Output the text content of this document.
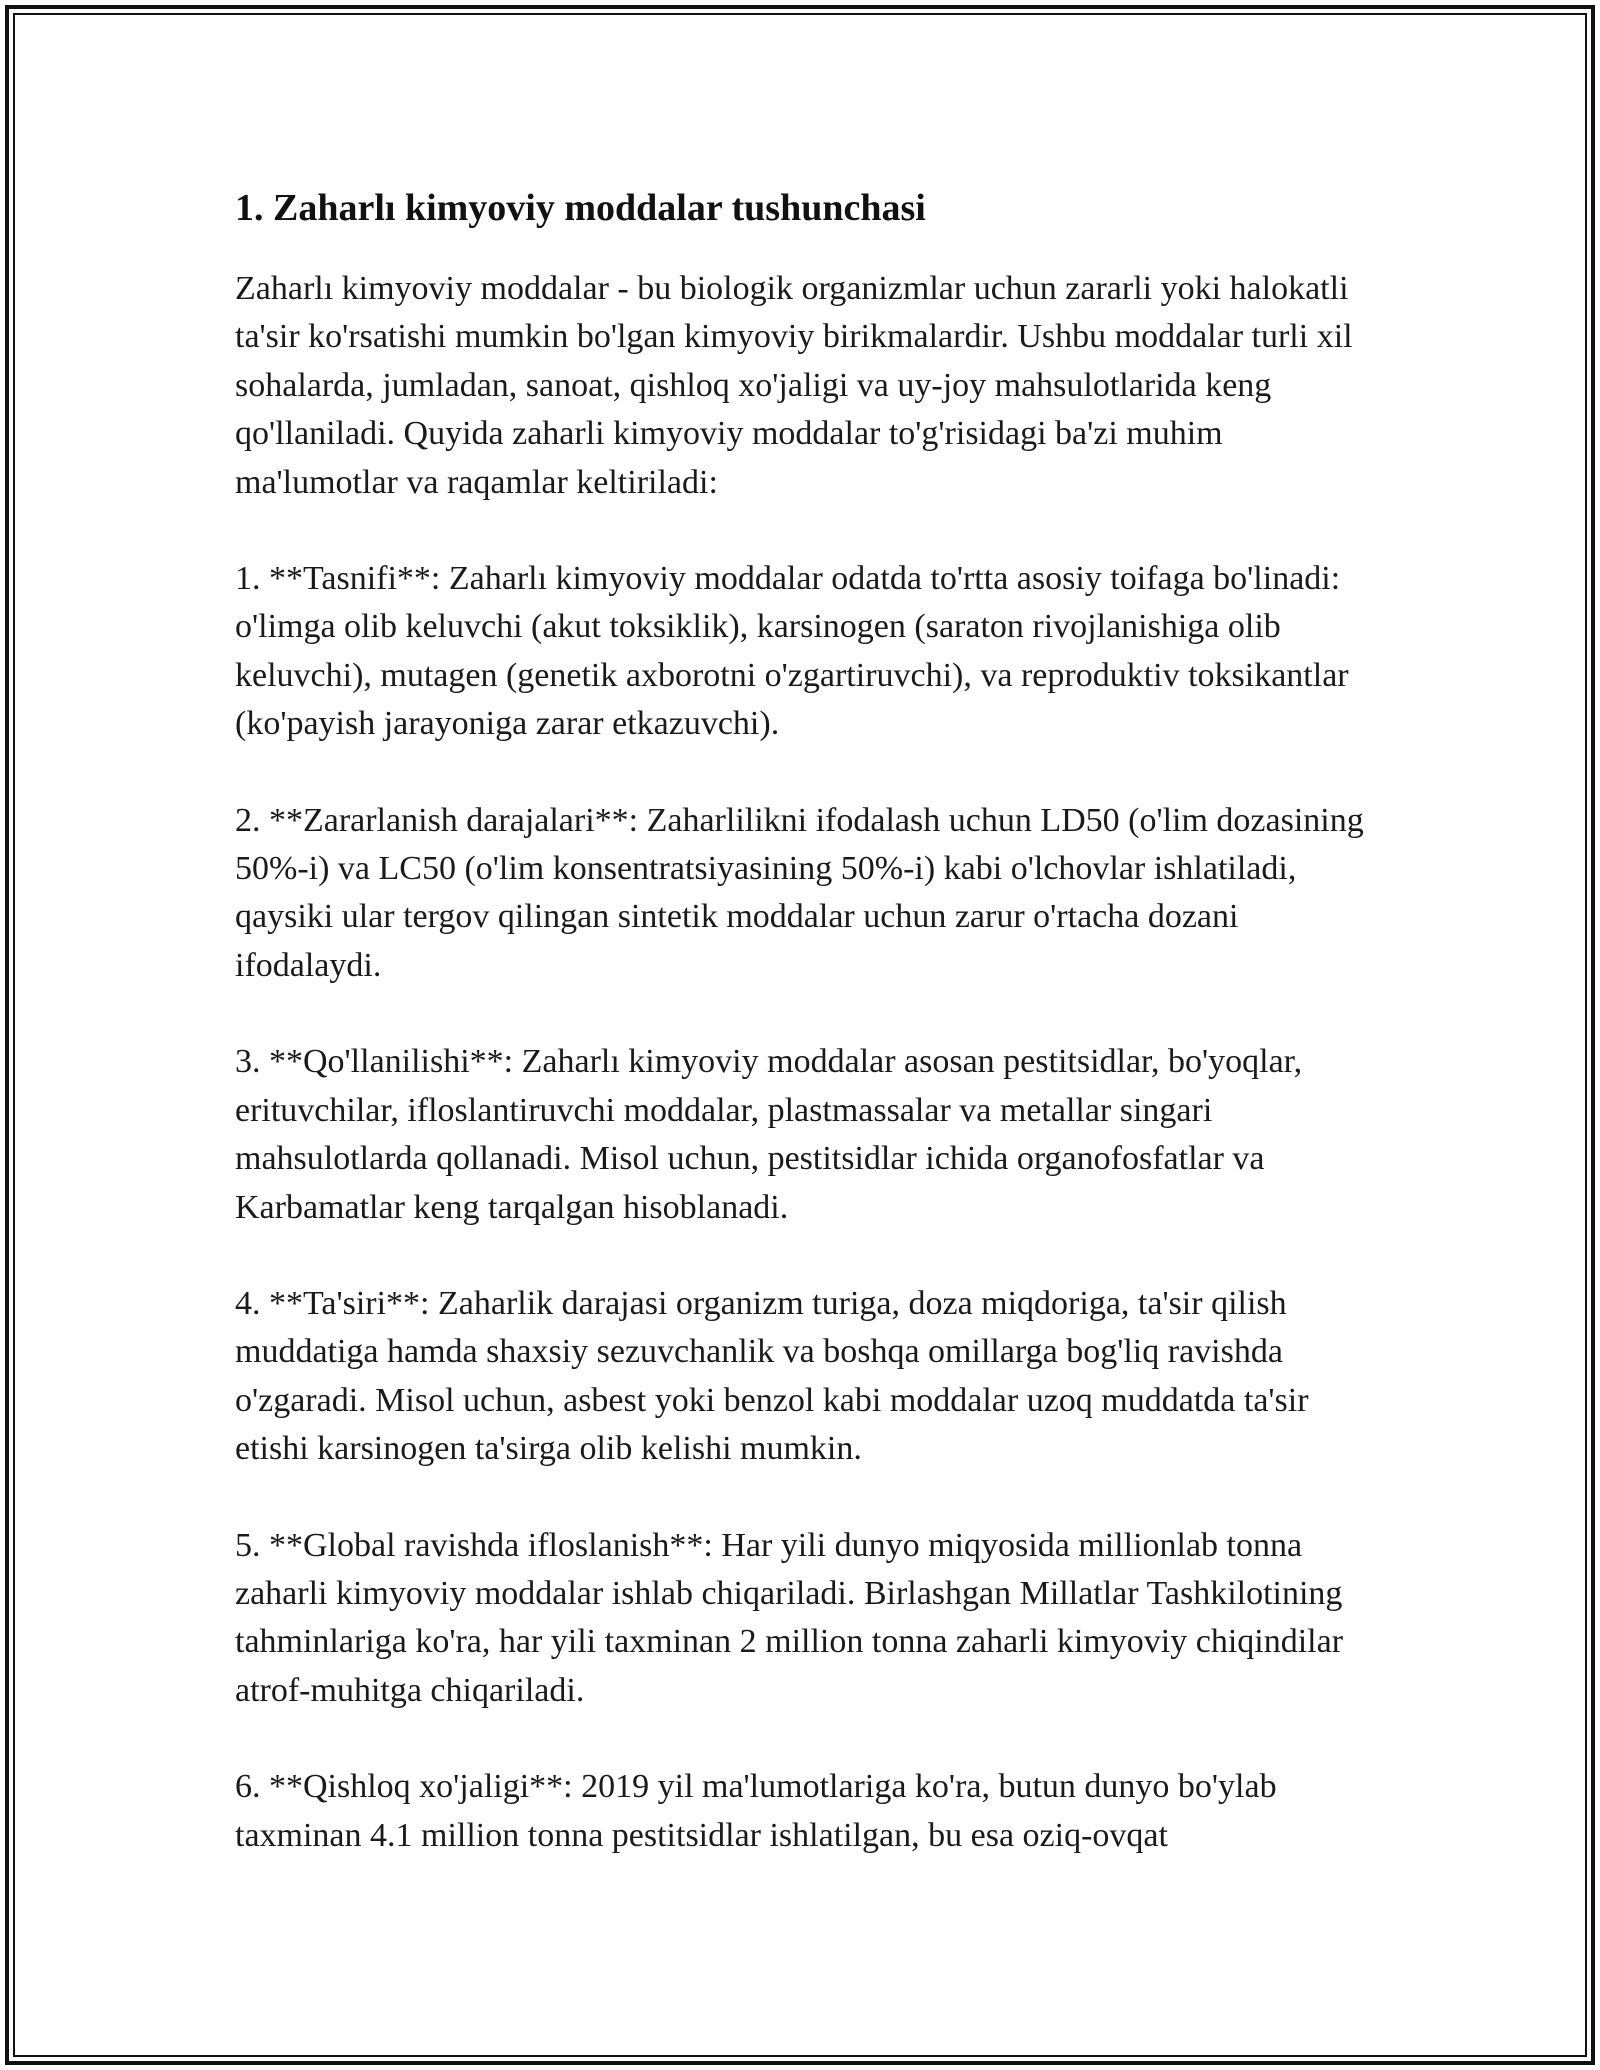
1. Zaharlı kimyoviy moddalar tushunchasi

Zaharlı kimyoviy moddalar - bu biologik organizmlar uchun zararli yoki halokatli ta'sir ko'rsatishi mumkin bo'lgan kimyoviy birikmalardir. Ushbu moddalar turli xil sohalarda, jumladan, sanoat, qishloq xo'jaligi va uy-joy mahsulotlarida keng qo'llaniladi. Quyida zaharli kimyoviy moddalar to'g'risidagi ba'zi muhim ma'lumotlar va raqamlar keltiriladi:

1. **Tasnifi**: Zaharlı kimyoviy moddalar odatda to'rtta asosiy toifaga bo'linadi: o'limga olib keluvchi (akut toksiklik), karsinogen (saraton rivojlanishiga olib keluvchi), mutagen (genetik axborotni o'zgartiruvchi), va reproduktiv toksikantlar (ko'payish jarayoniga zarar etkazuvchi).

2. **Zararlanish darajalari**: Zaharlilikni ifodalash uchun LD50 (o'lim dozasining 50%-i) va LC50 (o'lim konsentratsiyasining 50%-i) kabi o'lchovlar ishlatiladi, qaysiki ular tergov qilingan sintetik moddalar uchun zarur o'rtacha dozani ifodalaydi.

3. **Qo'llanilishi**: Zaharlı kimyoviy moddalar asosan pestitsidlar, bo'yoqlar, erituvchilar, ifloslantiruvchi moddalar, plastmassalar va metallar singari mahsulotlarda qollanadi. Misol uchun, pestitsidlar ichida organofosfatlar va Karbamatlar keng tarqalgan hisoblanadi.

4. **Ta'siri**: Zaharlik darajasi organizm turiga, doza miqdoriga, ta'sir qilish muddatiga hamda shaxsiy sezuvchanlik va boshqa omillarga bog'liq ravishda o'zgaradi. Misol uchun, asbest yoki benzol kabi moddalar uzoq muddatda ta'sir etishi karsinogen ta'sirga olib kelishi mumkin.

5. **Global ravishda ifloslanish**: Har yili dunyo miqyosida millionlab tonna zaharli kimyoviy moddalar ishlab chiqariladi. Birlashgan Millatlar Tashkilotining tahminlariga ko'ra, har yili taxminan 2 million tonna zaharli kimyoviy chiqindilar atrof-muhitga chiqariladi.

6. **Qishloq xo'jaligi**: 2019 yil ma'lumotlariga ko'ra, butun dunyo bo'ylab taxminan 4.1 million tonna pestitsidlar ishlatilgan, bu esa oziq-ovqat
